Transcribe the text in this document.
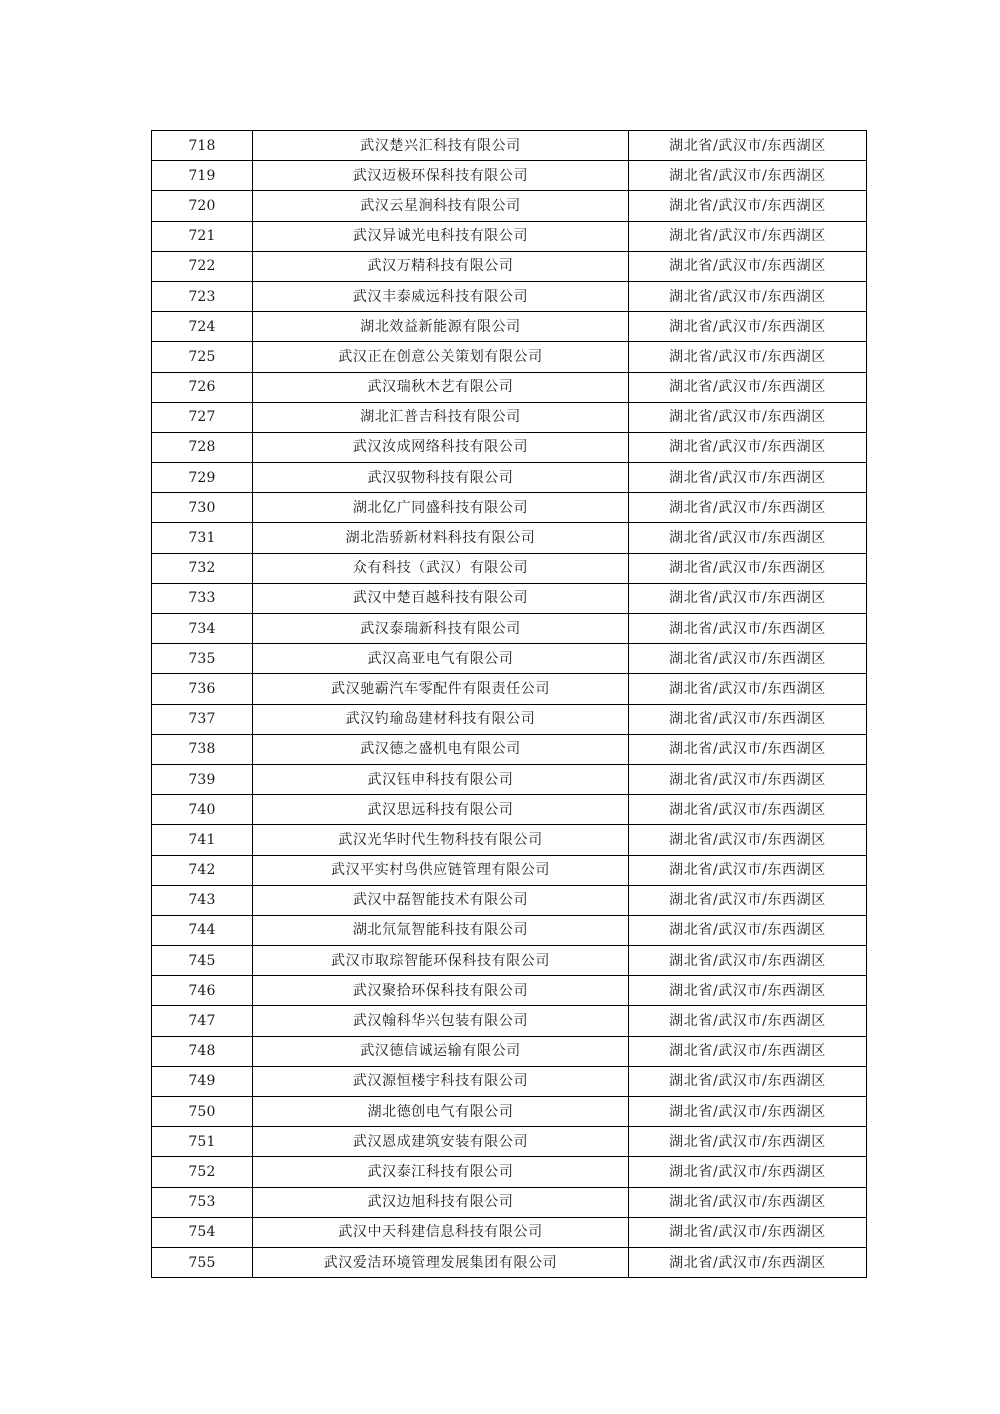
718	武汉楚兴汇科技有限公司	湖北省/武汉市/东西湖区
719	武汉迈极环保科技有限公司	湖北省/武汉市/东西湖区
720	武汉云星涧科技有限公司	湖北省/武汉市/东西湖区
721	武汉异诚光电科技有限公司	湖北省/武汉市/东西湖区
722	武汉万精科技有限公司	湖北省/武汉市/东西湖区
723	武汉丰泰威远科技有限公司	湖北省/武汉市/东西湖区
724	湖北效益新能源有限公司	湖北省/武汉市/东西湖区
725	武汉正在创意公关策划有限公司	湖北省/武汉市/东西湖区
726	武汉瑞秋木艺有限公司	湖北省/武汉市/东西湖区
727	湖北汇普吉科技有限公司	湖北省/武汉市/东西湖区
728	武汉汝成网络科技有限公司	湖北省/武汉市/东西湖区
729	武汉驭物科技有限公司	湖北省/武汉市/东西湖区
730	湖北亿广同盛科技有限公司	湖北省/武汉市/东西湖区
731	湖北浩骄新材料科技有限公司	湖北省/武汉市/东西湖区
732	众有科技（武汉）有限公司	湖北省/武汉市/东西湖区
733	武汉中楚百越科技有限公司	湖北省/武汉市/东西湖区
734	武汉泰瑞新科技有限公司	湖北省/武汉市/东西湖区
735	武汉高亚电气有限公司	湖北省/武汉市/东西湖区
736	武汉驰霸汽车零配件有限责任公司	湖北省/武汉市/东西湖区
737	武汉钓瑜岛建材科技有限公司	湖北省/武汉市/东西湖区
738	武汉德之盛机电有限公司	湖北省/武汉市/东西湖区
739	武汉钰申科技有限公司	湖北省/武汉市/东西湖区
740	武汉思远科技有限公司	湖北省/武汉市/东西湖区
741	武汉光华时代生物科技有限公司	湖北省/武汉市/东西湖区
742	武汉平实村鸟供应链管理有限公司	湖北省/武汉市/东西湖区
743	武汉中磊智能技术有限公司	湖北省/武汉市/东西湖区
744	湖北氘氚智能科技有限公司	湖北省/武汉市/东西湖区
745	武汉市取琮智能环保科技有限公司	湖北省/武汉市/东西湖区
746	武汉聚拾环保科技有限公司	湖北省/武汉市/东西湖区
747	武汉翰科华兴包装有限公司	湖北省/武汉市/东西湖区
748	武汉德信诚运输有限公司	湖北省/武汉市/东西湖区
749	武汉源恒楼宇科技有限公司	湖北省/武汉市/东西湖区
750	湖北德创电气有限公司	湖北省/武汉市/东西湖区
751	武汉恩成建筑安装有限公司	湖北省/武汉市/东西湖区
752	武汉泰江科技有限公司	湖北省/武汉市/东西湖区
753	武汉边旭科技有限公司	湖北省/武汉市/东西湖区
754	武汉中天科建信息科技有限公司	湖北省/武汉市/东西湖区
755	武汉爱洁环境管理发展集团有限公司	湖北省/武汉市/东西湖区
